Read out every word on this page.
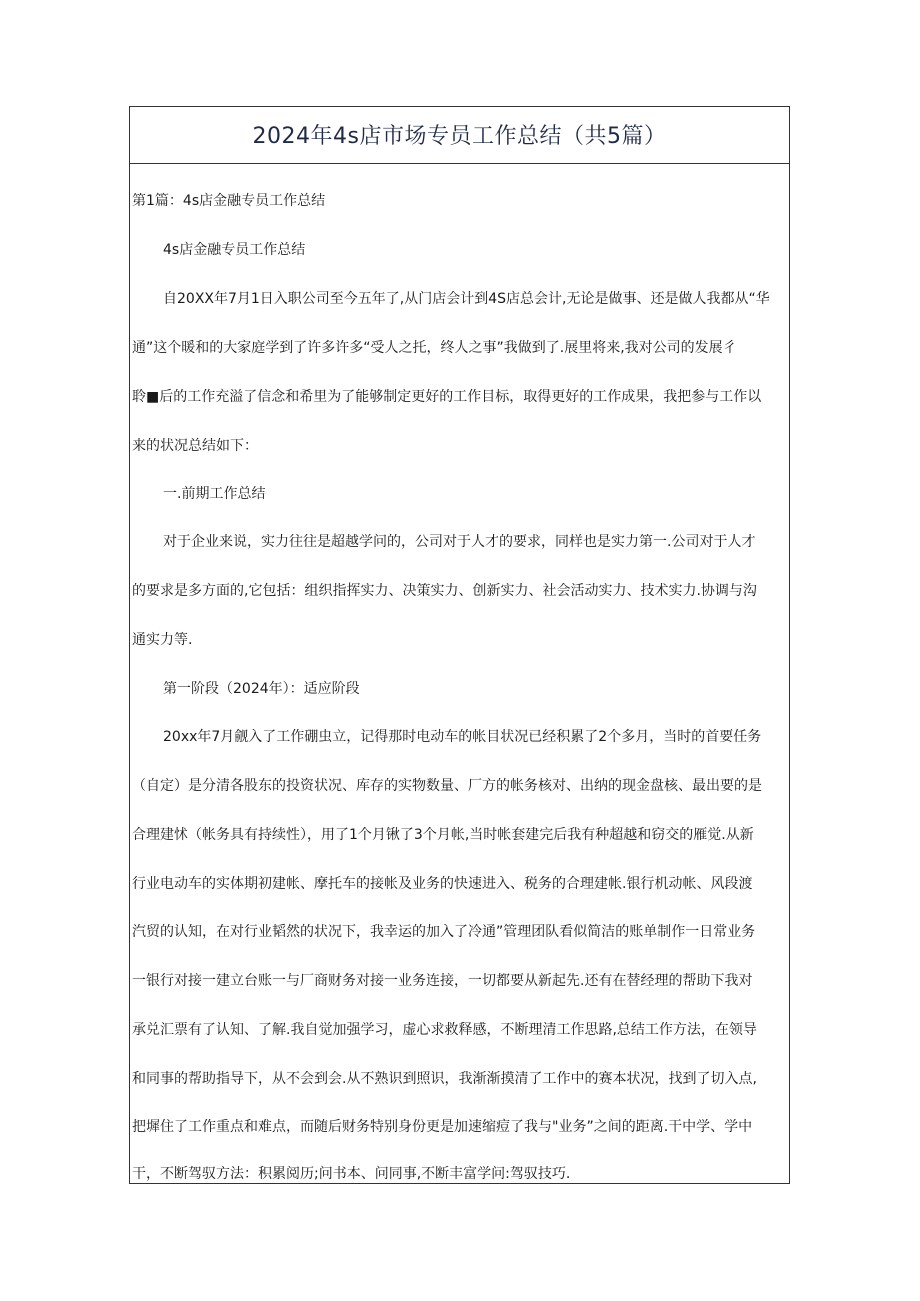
2024年4s店市场专员工作总结（共5篇）
第1篇：4s店金融专员工作总结
4s店金融专员工作总结
自20XX年7月1日入职公司至今五年了,从门店会计到4S店总会计,无论是做事、还是做人我都从“华
通”这个暖和的大家庭学到了许多许多“受人之托，终人之事”我做到了.展里将来,我对公司的发展彳
聆■后的工作充溢了信念和希里为了能够制定更好的工作目标，取得更好的工作成果，我把参与工作以
来的状况总结如下：
一.前期工作总结
对于企业来说，实力往往是超越学问的，公司对于人才的要求，同样也是实力第一.公司对于人才
的要求是多方面的,它包括：组织指挥实力、决策实力、创新实力、社会活动实力、技术实力.协调与沟
通实力等.
第一阶段（2024年）：适应阶段
20xx年7月觎入了工作硼虫立，记得那时电动车的帐目状况已经积累了2个多月，当时的首要任务
（自定）是分清各股东的投资状况、库存的实物数量、厂方的帐务核对、出纳的现金盘核、最出要的是
合理建怵（帐务具有持续性），用了1个月锹了3个月帐,当时帐套建完后我有种超越和窃交的雁觉.从新
行业电动车的实体期初建帐、摩托车的接帐及业务的快速进入、税务的合理建帐.银行机动帐、风段渡
汽贸的认知，在对行业韬然的状况下，我幸运的加入了冷通”管理团队看似简洁的账单制作一日常业务
一银行对接一建立台账一与厂商财务对接一业务连接，一切都要从新起先.还有在替经理的帮助下我对
承兑汇票有了认知、了解.我自觉加强学习，虚心求救释感，不断理清工作思路,总结工作方法，在领导
和同事的帮助指导下，从不会到会.从不熟识到照识，我渐渐摸清了工作中的赛本状况，找到了切入点,
把墀住了工作重点和难点，而随后财务特别身份更是加速缩痘了我与"业务”之间的距离.干中学、学中
干，不断驾驭方法：积累阅历;问书本、问同事,不断丰富学问:驾驭技巧.
